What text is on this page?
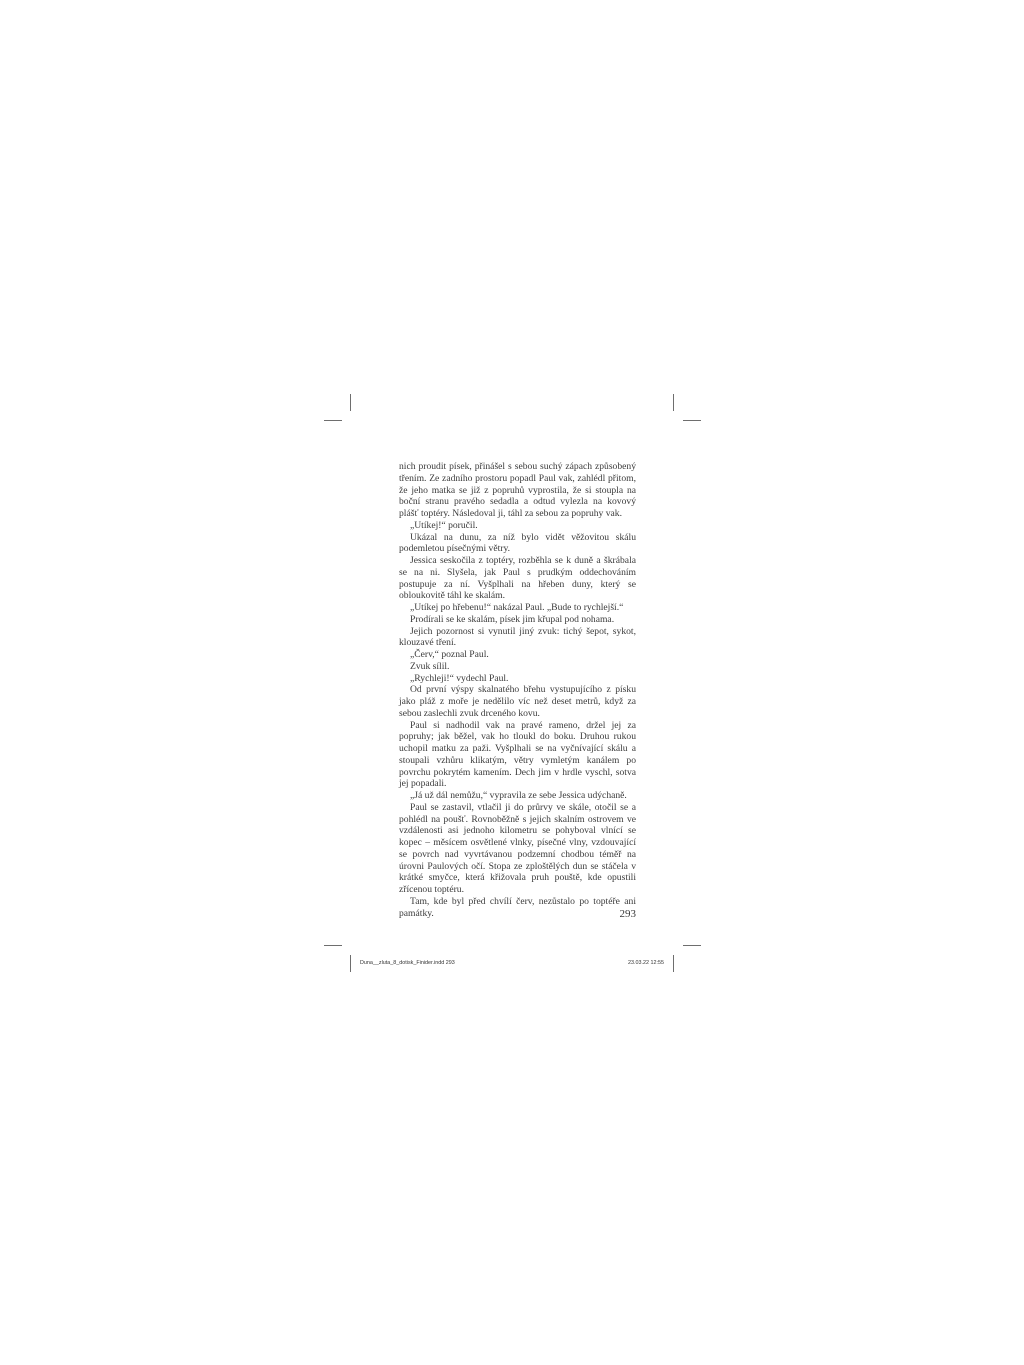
nich proudit písek, přinášel s sebou suchý zápach způsobený třením. Ze zadního prostoru popadl Paul vak, zahlédl přitom, že jeho matka se již z popruhů vyprostila, že si stoupla na boční stranu pravého sedadla a odtud vylezla na kovový plášť toptéry. Následoval ji, táhl za sebou za popruhy vak.

„Utíkej!“ poručil.

Ukázal na dunu, za níž bylo vidět věžovitou skálu podemletou písečnými větry.

Jessica seskočila z toptéry, rozběhla se k duně a škrábala se na ni. Slyšela, jak Paul s prudkým oddechováním postupuje za ní. Vyšplhali na hřeben duny, který se obloukovitě táhl ke skalám.

„Utíkej po hřebenu!“ nakázal Paul. „Bude to rychlejší.“

Prodírali se ke skalám, písek jim křupal pod nohama.

Jejich pozornost si vynutil jiný zvuk: tichý šepot, sykot, klouzavé tření.

„Červ,“ poznal Paul.

Zvuk sílil.

„Rychleji!“ vydechl Paul.

Od první výspy skalnatého břehu vystupujícího z písku jako pláž z moře je nedělilo víc než deset metrů, když za sebou zaslechli zvuk drceného kovu.

Paul si nadhodil vak na pravé rameno, držel jej za popruhy; jak běžel, vak ho tloukl do boku. Druhou rukou uchopil matku za paži. Vyšplhali se na vyčnívající skálu a stoupali vzhůru klikatým, větry vymletým kanálem po povrchu pokrytém kamením. Dech jim v hrdle vyschl, sotva jej popadali.

„Já už dál nemůžu,“ vypravila ze sebe Jessica udýchaně.

Paul se zastavil, vtlačil ji do průrvy ve skále, otočil se a pohlédl na poušť. Rovnoběžně s jejich skalním ostrovem ve vzdálenosti asi jednoho kilometru se pohyboval vlnící se kopec – měsícem osvětlené vlnky, písečné vlny, vzdouvající se povrch nad vyvrtávanou podzemní chodbou téměř na úrovni Paulových očí. Stopa ze zploštělých dun se stáčela v krátké smyčce, která křižovala pruh pouště, kde opustili zřícenou toptéru.

Tam, kde byl před chvílí červ, nezůstalo po toptéře ani památky.	293
Duna__zluta_8_dotisk_Finider.indd 293	23.03.22 12:55
